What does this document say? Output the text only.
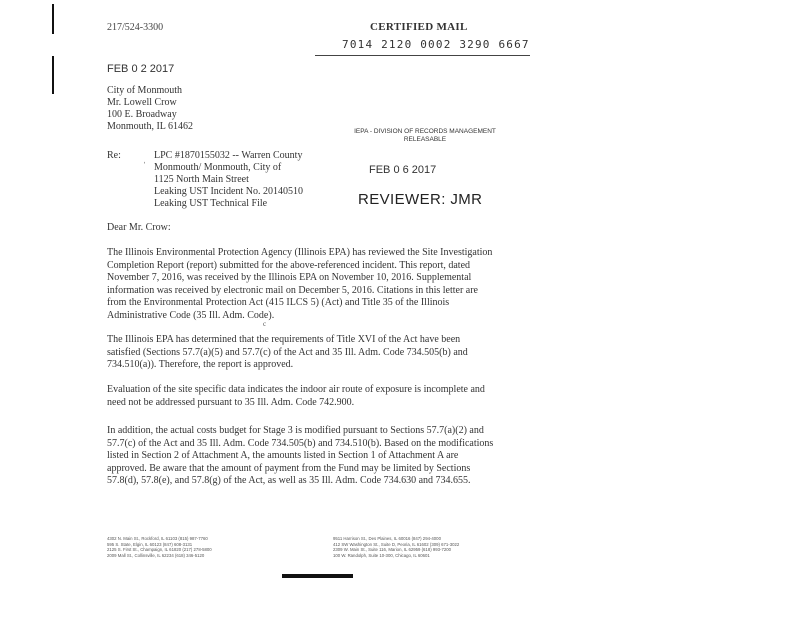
217/524-3300	CERTIFIED MAIL
7014 2120 0002 3290 6667
FEB 0 2 2017
City of Monmouth
Mr. Lowell Crow
100 E. Broadway
Monmouth, IL 61462
Re:
ˈ
LPC #1870155032 -- Warren County
Monmouth/ Monmouth, City of
1125 North Main Street
Leaking UST Incident No. 20140510
Leaking UST Technical File
IEPA - DIVISION OF RECORDS MANAGEMENT RELEASABLE
FEB 0 6 2017
REVIEWER: JMR
Dear Mr. Crow:
The Illinois Environmental Protection Agency (Illinois EPA) has reviewed the Site Investigation
Completion Report (report) submitted for the above-referenced incident. This report, dated
November 7, 2016, was received by the Illinois EPA on November 10, 2016. Supplemental
information was received by electronic mail on December 5, 2016. Citations in this letter are
from the Environmental Protection Act (415 ILCS 5) (Act) and Title 35 of the Illinois
Administrative Code (35 Ill. Adm. Code).
c
The Illinois EPA has determined that the requirements of Title XVI of the Act have been
satisfied (Sections 57.7(a)(5) and 57.7(c) of the Act and 35 Ill. Adm. Code 734.505(b) and
734.510(a)). Therefore, the report is approved.
Evaluation of the site specific data indicates the indoor air route of exposure is incomplete and
need not be addressed pursuant to 35 Ill. Adm. Code 742.900.
In addition, the actual costs budget for Stage 3 is modified pursuant to Sections 57.7(a)(2) and
57.7(c) of the Act and 35 Ill. Adm. Code 734.505(b) and 734.510(b). Based on the modifications
listed in Section 2 of Attachment A, the amounts listed in Section 1 of Attachment A are
approved. Be aware that the amount of payment from the Fund may be limited by Sections
57.8(d), 57.8(e), and 57.8(g) of the Act, as well as 35 Ill. Adm. Code 734.630 and 734.655.
4302 N. Main St., Rockford, IL 61103 (815) 987-7760
595 S. State, Elgin, IL 60123 (847) 608-3131
2125 S. First St., Champaign, IL 61820 (217) 278-5800
2009 Mall St., Collinsville, IL 62234 (618) 346-5120
9511 Harrison St., Des Plaines, IL 60016 (847) 294-4000
412 SW Washington St., Suite D, Peoria, IL 61602 (309) 671-3022
2309 W. Main St., Suite 116, Marion, IL 62959 (618) 993-7200
100 W. Randolph, Suite 10-300, Chicago, IL 60601
